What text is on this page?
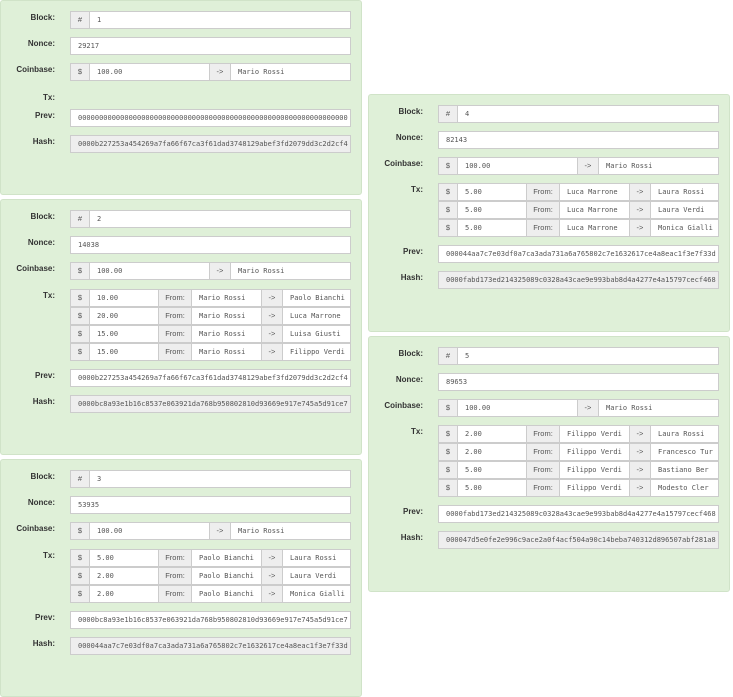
Block:	#	1
Nonce:	29217
Coinbase:	$	100.00	->	Mario Rossi
Tx:
Prev:	0000000000000000000000000000000000000000000000000000000000000000
Hash:	0000b227253a454269a7fa66f67ca3f61dad3748129abef3fd2079dd3c2d2cf4
Block:	#	2
Nonce:	14038
Coinbase:	$	100.00	->	Mario Rossi
Tx:	$	10.00	From:	Mario Rossi	->	Paolo Bianchi
$	20.00	From:	Mario Rossi	->	Luca Marrone
$	15.00	From:	Mario Rossi	->	Luisa Giusti
$	15.00	From:	Mario Rossi	->	Filippo Verdi
Prev:	0000b227253a454269a7fa66f67ca3f61dad3748129abef3fd2079dd3c2d2cf4
Hash:	0000bc8a93e1b16c8537e063921da768b950802810d93669e917e745a5d91ce7
Block:	#	3
Nonce:	53935
Coinbase:	$	100.00	->	Mario Rossi
Tx:	$	5.00	From:	Paolo Bianchi	->	Laura Rossi
$	2.00	From:	Paolo Bianchi	->	Laura Verdi
$	2.00	From:	Paolo Bianchi	->	Monica Gialli
Prev:	0000bc8a93e1b16c8537e063921da768b950802810d93669e917e745a5d91ce7
Hash:	000044aa7c7e03df0a7ca3ada731a6a765802c7e1632617ce4a8eac1f3e7f33d
Block:	#	4
Nonce:	82143
Coinbase:	$	100.00	->	Mario Rossi
Tx:	$	5.00	From:	Luca Marrone	->	Laura Rossi
$	5.00	From:	Luca Marrone	->	Laura Verdi
$	5.00	From:	Luca Marrone	->	Monica Gialli
Prev:	000044aa7c7e03df0a7ca3ada731a6a765802c7e1632617ce4a8eac1f3e7f33d
Hash:	0000fabd173ed214325089c0328a43cae9e993bab8d4a4277e4a15797cecf468
Block:	#	5
Nonce:	89653
Coinbase:	$	100.00	->	Mario Rossi
Tx:	$	2.00	From:	Filippo Verdi	->	Laura Rossi
$	2.00	From:	Filippo Verdi	->	Francesco Tur
$	5.00	From:	Filippo Verdi	->	Bastiano Ber
$	5.00	From:	Filippo Verdi	->	Modesto Cler
Prev:	0000fabd173ed214325089c0328a43cae9e993bab8d4a4277e4a15797cecf468
Hash:	000047d5e0fe2e996c9ace2a0f4acf504a90c14beba740312d896507abf281a8
